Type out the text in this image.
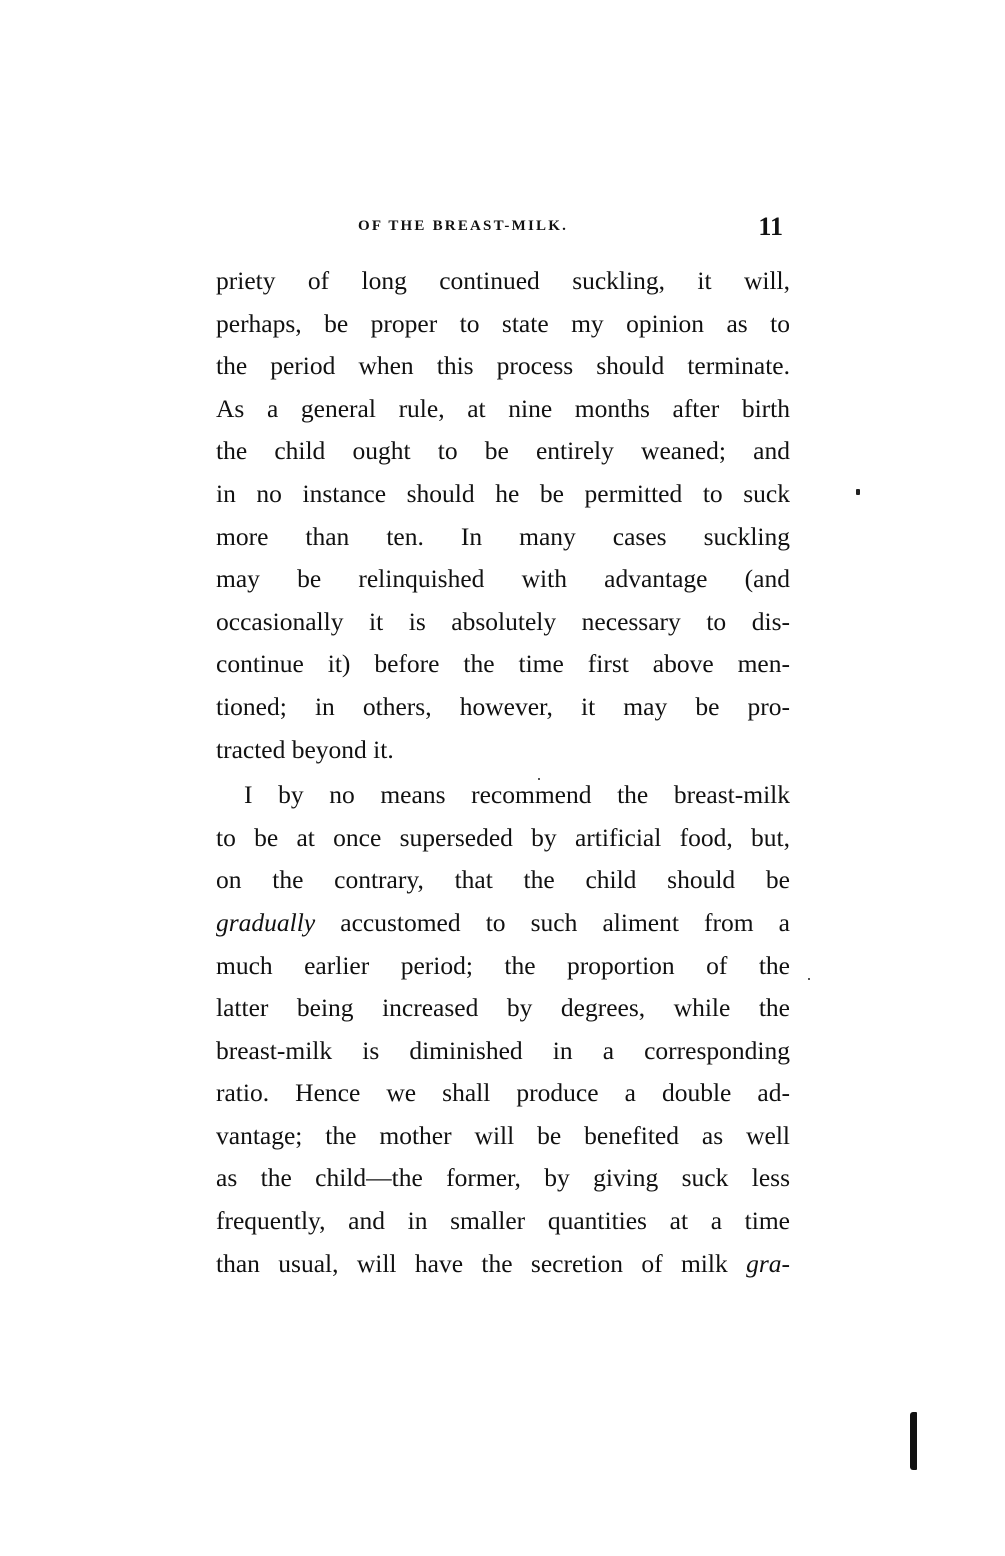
OF THE BREAST-MILK.	11
priety of long continued suckling, it will,
perhaps, be proper to state my opinion as to
the period when this process should terminate.
As a general rule, at nine months after birth
the child ought to be entirely weaned; and
in no instance should he be permitted to suck
more than ten. In many cases suckling
may be relinquished with advantage (and
occasionally it is absolutely necessary to dis-
continue it) before the time first above men-
tioned; in others, however, it may be pro-
tracted beyond it.
I by no means recommend the breast-milk
to be at once superseded by artificial food, but,
on the contrary, that the child should be
gradually accustomed to such aliment from a
much earlier period; the proportion of the
latter being increased by degrees, while the
breast-milk is diminished in a corresponding
ratio. Hence we shall produce a double ad-
vantage; the mother will be benefited as well
as the child—the former, by giving suck less
frequently, and in smaller quantities at a time
than usual, will have the secretion of milk gra-
